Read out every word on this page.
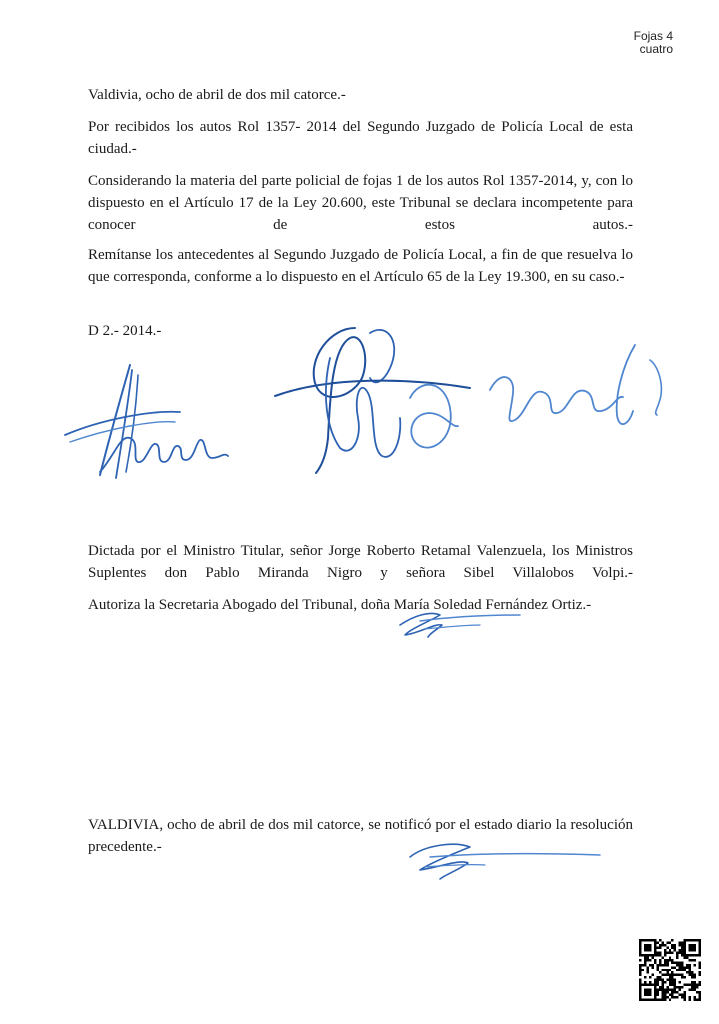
Fojas 4
cuatro

Valdivia, ocho de abril de dos mil catorce.-

Por recibidos los autos Rol 1357- 2014 del Segundo Juzgado de Policía Local de esta ciudad.-

Considerando la materia del parte policial de fojas 1 de los autos Rol 1357-2014, y, con lo dispuesto en el Artículo 17 de la Ley 20.600, este Tribunal se declara incompetente para conocer de estos autos.-

Remítanse los antecedentes al Segundo Juzgado de Policía Local, a fin de que resuelva lo que corresponda, conforme a lo dispuesto en el Artículo 65 de la Ley 19.300, en su caso.-

D 2.- 2014.-

Dictada por el Ministro Titular, señor Jorge Roberto Retamal Valenzuela, los Ministros Suplentes don Pablo Miranda Nigro y señora Sibel Villalobos Volpi.-

Autoriza la Secretaria Abogado del Tribunal, doña María Soledad Fernández Ortiz.-

VALDIVIA, ocho de abril de dos mil catorce, se notificó por el estado diario la resolución precedente.-
